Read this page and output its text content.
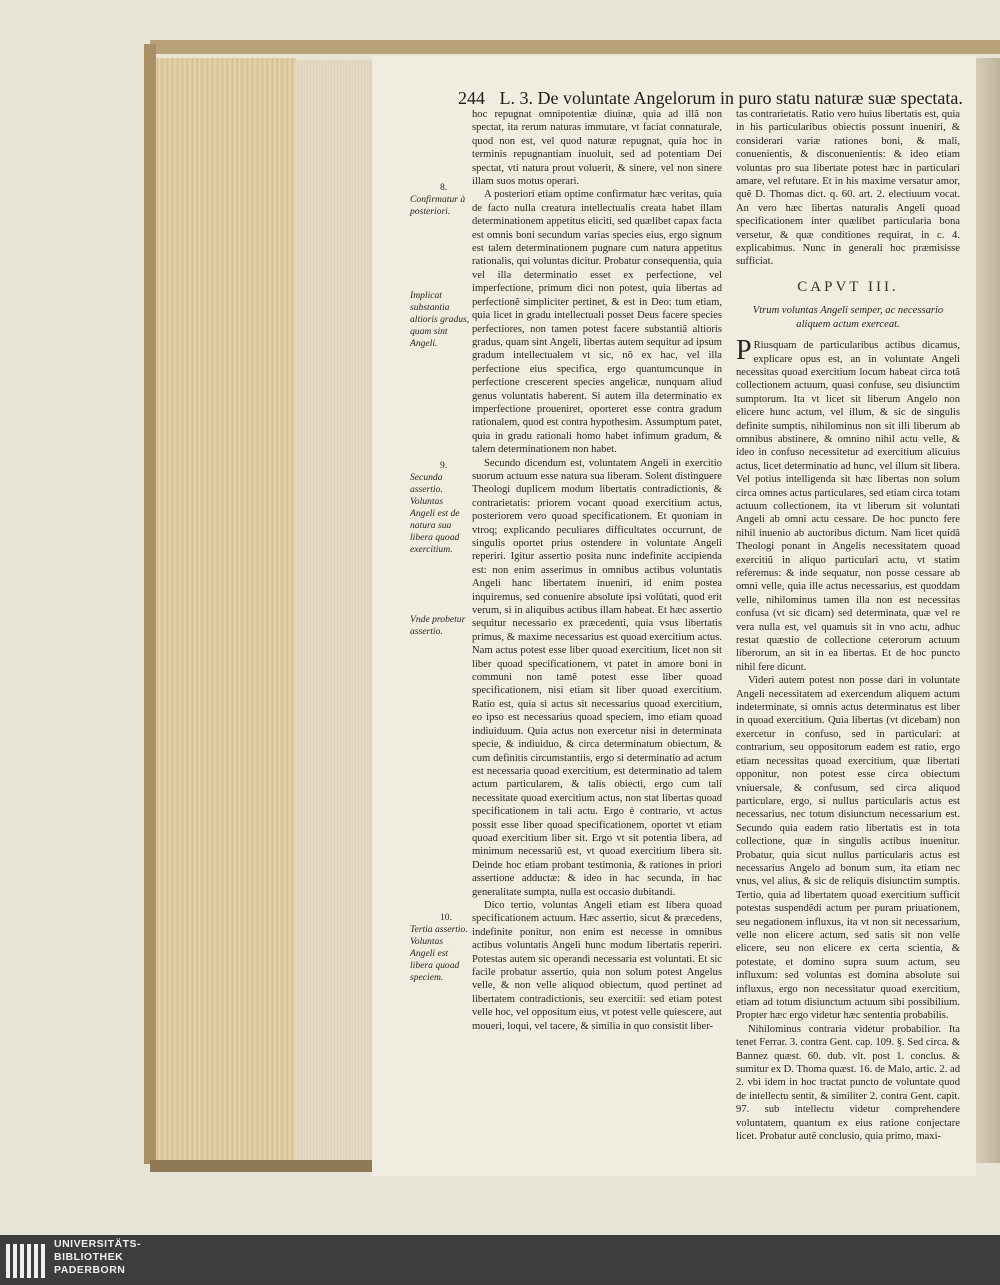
244 L. 3. De voluntate Angelorum in puro statu naturæ suæ spectata.
8.
Confirmatur à posteriori.
Implicat substantia altioris gradus, quam sint Angeli.
9.
Secunda assertio. Voluntas Angeli est de natura sua libera quoad exercitium.
Vnde probetur assertio.
10.
Tertia assertio. Voluntas Angeli est libera quoad speciem.

hoc repugnat omnipotentiæ diuinæ, quia ad illã non spectat, ita rerum naturas immutare, vt faciat connaturale, quod non est, vel quod naturæ repugnat, quia hoc in terminis repugnantiam inuoluit, sed ad potentiam Dei spectat, vti natura prout voluerit, & sinere, vel non sinere illam suos motus operari.

A posteriori etiam optime confirmatur hæc veritas, quia de facto nulla creatura intellectualis creata habet illam determinationem appetitus eliciti, sed quælibet capax facta est omnis boni secundum varias species eius, ergo signum est talem determinationem pugnare cum natura appetitus rationalis, qui voluntas dicitur. Probatur consequentia, quia vel illa determinatio esset ex perfectione, vel imperfectione, primum dici non potest, quia libertas ad perfectionẽ simpliciter pertinet, & est in Deo: tum etiam, quia licet in gradu intellectuali posset Deus facere species perfectiores, non tamen potest facere substantiã altioris gradus, quam sint Angeli, libertas autem sequitur ad ipsum gradum intellectualem vt sic, nõ ex hac, vel illa perfectione eius specifica, ergo quantumcunque in perfectione crescerent species angelicæ, nunquam aliud genus voluntatis haberent. Si autem illa determinatio ex imperfectione proueniret, oporteret esse contra gradum rationalem, quod est contra hypothesim. Assumptum patet, quia in gradu rationali homo habet infimum gradum, & talem determinationem non habet.

Secundo dicendum est, voluntatem Angeli in exercitio suorum actuum esse natura sua liberam. Solent distinguere Theologi duplicem modum libertatis contradictionis, & contrarietatis: priorem vocant quoad exercitium actus, posteriorem vero quoad specificationem. Et quoniam in vtroq; explicando peculiares difficultates occurrunt, de singulis oportet prius ostendere in voluntate Angeli reperiri. Igitur assertio posita nunc indefinite accipienda est: non enim asserimus in omnibus actibus voluntatis Angeli hanc libertatem inueniri, id enim postea inquiremus, sed conuenire absolute ipsi volũtati, quod erit verum, si in aliquibus actibus illam habeat. Et hæc assertio sequitur necessario ex præcedenti, quia vsus libertatis primus, & maxime necessarius est quoad exercitium actus. Nam actus potest esse liber quoad exercitium, licet non sit liber quoad specificationem, vt patet in amore boni in communi non tamẽ potest esse liber quoad specificationem, nisi etiam sit liber quoad exercitium. Ratio est, quia si actus sit necessarius quoad exercitium, eo ipso est necessarius quoad speciem, imo etiam quoad indiuiduum. Quia actus non exercetur nisi in determinata specie, & indiuiduo, & circa determinatum obiectum, & cum definitis circumstantiis, ergo si determinatio ad actum est necessaria quoad exercitium, est determinatio ad talem actum particularem, & talis obiecti, ergo cum tali necessitate quoad exercitium actus, non stat libertas quoad specificationem in tali actu. Ergo è contrario, vt actus possit esse liber quoad specificationem, oportet vt etiam quoad exercitium liber sit. Ergo vt sit potentia libera, ad minimum necessariũ est, vt quoad exercitium libera sit. Deinde hoc etiam probant testimonia, & rationes in priori assertione adductæ: & ideo in hac secunda, in hac generalitate sumpta, nulla est occasio dubitandi.

Dico tertio, voluntas Angeli etiam est libera quoad specificationem actuum. Hæc assertio, sicut & præcedens, indefinite ponitur, non enim est necesse in omnibus actibus voluntatis Angeli hunc modum libertatis reperiri. Potestas autem sic operandi necessaria est voluntati. Et sic facile probatur assertio, quia non solum potest Angelus velle, & non velle aliquod obiectum, quod pertinet ad libertatem contradictionis, seu exercitii: sed etiam potest velle hoc, vel oppositum eius, vt potest velle quiescere, aut moueri, loqui, vel tacere, & similia in quo consistit liber-

tas contrarietatis. Ratio vero huius libertatis est, quia in his particularibus obiectis possunt inueniri, & considerari variæ rationes boni, & mali, conuenientis, & disconuenientis: & ideo etiam voluntas pro sua libertate potest hæc in particulari amare, vel refutare. Et in his maxime versatur amor, quẽ D. Thomas dict. q. 60. art. 2. electiuum vocat. An vero hæc libertas naturalis Angeli quoad specificationem inter quælibet particularia bona versetur, & quæ conditiones requirat, in c. 4. explicabimus. Nunc in generali hoc præmisisse sufficiat.

CAPVT III.
Vtrum voluntas Angeli semper, ac necessario aliquem actum exerceat.

P Riusquam de particularibus actibus dicamus, explicare opus est, an in voluntate Angeli necessitas quoad exercitium locum habeat circa totã collectionem actuum, quasi confuse, seu disiunctim sumptorum. Ita vt licet sit liberum Angelo non elicere hunc actum, vel illum, & sic de singulis definite sumptis, nihilominus non sit illi liberum ab omnibus abstinere, & omnino nihil actu velle, & ideo in confuso necessitetur ad exercitium alicuius actus, licet determinatio ad hunc, vel illum sit libera. Vel potius intelligenda sit hæc libertas non solum circa omnes actus particulares, sed etiam circa totam actuum collectionem, ita vt liberum sit voluntati Angeli ab omni actu cessare. De hoc puncto fere nihil inuenio ab auctoribus dictum. Nam licet quidã Theologi ponant in Angelis necessitatem quoad exercitiũ in aliquo particulari actu, vt statim referemus: & inde sequatur, non posse cessare ab omni velle, quia ille actus necessarius, est quoddam velle, nihilominus tamen illa non est necessitas confusa (vt sic dicam) sed determinata, quæ vel re vera nulla est, vel quamuis sit in vno actu, adhuc restat quæstio de collectione ceterorum actuum liberorum, an sit in ea libertas. Et de hoc puncto nihil fere dicunt.

Videri autem potest non posse dari in voluntate Angeli necessitatem ad exercendum aliquem actum indeterminate, si omnis actus determinatus est liber in quoad exercitium. Quia libertas (vt dicebam) non exercetur in confuso, sed in particulari: at contrarium, seu oppositorum eadem est ratio, ergo etiam necessitas quoad exercitium, quæ libertati opponitur, non potest esse circa obiectum vniuersale, & confusum, sed circa aliquod particulare, ergo, si nullus particularis actus est necessarius, nec totum disiunctum necessarium est. Secundo quia eadem ratio libertatis est in tota collectione, quæ in singulis actibus inuenitur. Probatur, quia sicut nullus particularis actus est necessarius Angelo ad bonum sum, ita etiam nec vnus, vel alius, & sic de reliquis disiunctim sumptis. Tertio, quia ad libertatem quoad exercitium sufficit potestas suspendẽdi actum per puram priuationem, seu negationem influxus, ita vt non sit necessarium, velle non elicere actum, sed satis sit non velle elicere, seu non elicere ex certa scientia, & potestate, et domino supra suum actum, seu influxum: sed voluntas est domina absolute sui influxus, ergo non necessitatur quoad exercitium, etiam ad totum disiunctum actuum sibi possibilium. Propter hæc ergo videtur hæc sententia probabilis.

Nihilominus contraria videtur probabilior. Ita tenet Ferrar. 3. contra Gent. cap. 109. §. Sed circa. & Bannez quæst. 60. dub. vlt. post 1. conclus. & sumitur ex D. Thoma quæst. 16. de Malo, artic. 2. ad 2. vbi idem in hoc tractat puncto de voluntate quod de intellectu sentit, & similiter 2. contra Gent. capit. 97. sub intellectu videtur comprehendere voluntatem, quantum ex eius ratione conjectare licet. Probatur autẽ conclusio, quia primo, maxi-

UNIVERSITÄTS-
BIBLIOTHEK
PADERBORN
